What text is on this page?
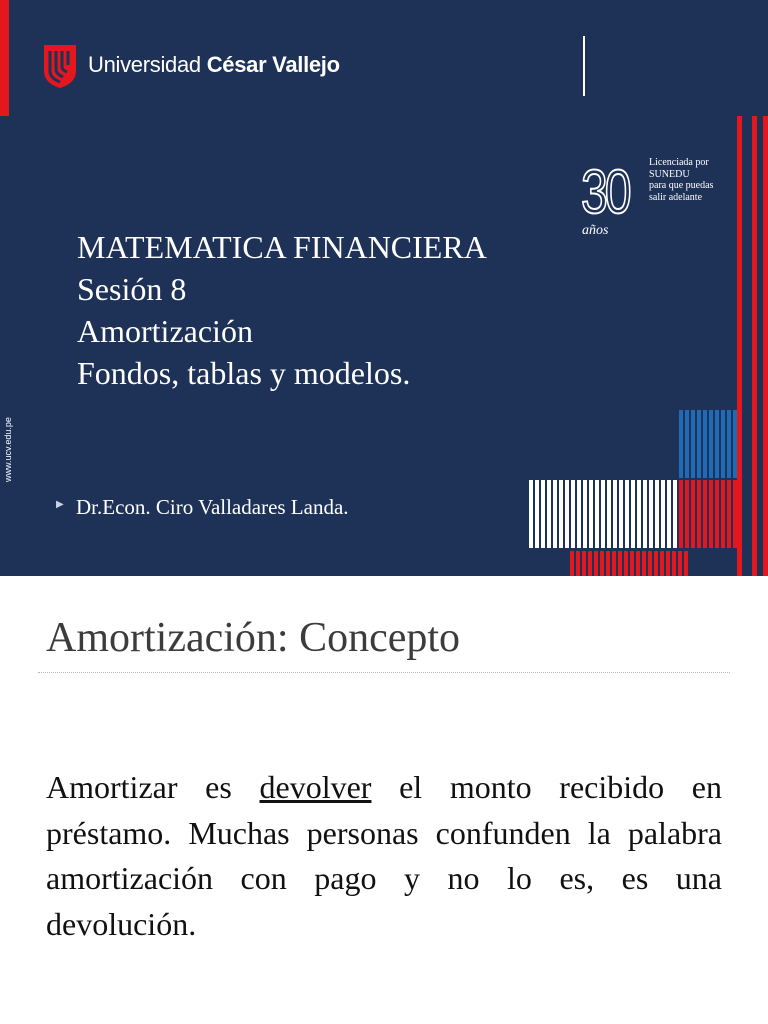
Universidad César Vallejo
30
años
Licenciada por
SUNEDU
para que puedas
salir adelante
MATEMATICA FINANCIERA
Sesión 8
Amortización
Fondos, tablas y modelos.
▶ Dr.Econ. Ciro Valladares Landa.
www.ucv.edu.pe
Amortización: Concepto
Amortizar es devolver el monto recibido en préstamo. Muchas personas confunden la palabra amortización con pago y no lo es, es una devolución.
